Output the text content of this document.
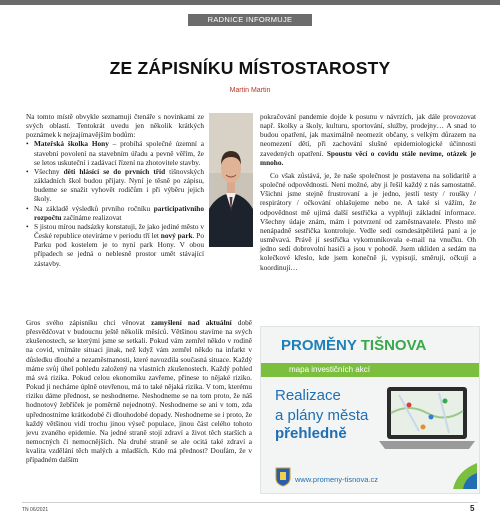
RADNICE INFORMUJE
ZE ZÁPISNÍKU MÍSTOSTAROSTY
Martin Martin

Na tomto místě obvykle seznamuji čtenáře s novinkami ze svých oblastí. Tentokrát uvedu jen několik krátkých poznámek k nejzajímavějším bodům:

• Mateřská školka Hony – probíhá společné územní a stavební povolení na stavebním úřadu a pevně věřím, že se letos uskuteční i zadávací řízení na zhotovitele stavby.
• Všechny děti hlásící se do prvních tříd tišnovských základních škol budou přijaty. Nyní je těsně po zápisu, budeme se snažit vyhovět rodičům i při výběru jejich školy.
• Na základě výsledků prvního ročníku participativního rozpočtu začínáme realizovat
• S jistou mírou nadsázky konstatuji, že jako jediné město v České republice otevíráme v periodu tří let nový park. Po Parku pod kostelem je to nyní park Hony. V obou případech se jedná o neblesně prostor umět stávající zástavby.

Gros svého zápisníku chci věnovat zamyšlení nad aktuální době přesvědčovat v budoucnu ještě několik měsíců. Většinou stavíme na svých zkušenostech, se kterými jsme se setkali. Pokud vám zemřel někdo v rodině na covid, vnímáte situaci jinak, než když vám zemřel někdo na infarkt v důsledku dlouhé a nezaměstnanosti, které navozdila současná situace. Každý máme svůj úhel pohledu založený na vlastních zkušenostech. Každý pohled má svá rizika. Pokud celou ekonomiku zavřeme, přinese to nějaké riziko. Pokud ji necháme úplně otevřenou, má to také nějaká rizika. V tom, kterému riziku dáme přednost, se neshodneme. Neshodneme se na tom proto, že náš hodnotový žebříček je poměrně nejednotný. Neshodneme se ani v tom, zda upřednostníme krátkodobé či dlouhodobé dopady. Neshodneme se i proto, že každý většinou vidí trochu jinou výseč populace, jinou část celého tohoto jevu zvaného epidemie. Na jedné straně stojí zdraví a život těch starších a nemocných či nemocnějších. Na druhé straně se ale ocitá také zdraví a kvalita vzdělání těch malých a mladších. Kdo má přednost? Doufám, že v případném dalším

pokračování pandemie dojde k posunu v návrzích, jak dále provozovat např. školky a školy, kulturu, sportování, služby, prodejny… A snad to budou opatření, jak maximálně neomezit občany, s velkým důrazem na neomezení dětí, při zachování slušné epidemiologické účinnosti zavedených opatření. Spoustu věcí o covidu stále nevíme, otázek je mnoho.

Co však zůstává, je, že naše společnost je postavena na solidaritě a společné odpovědnosti. Není možné, aby ji řešil každý z nás samostatně. Všichni jsme stejně frustrovaní a je jedno, jestli testy / roušky / respirátory / očkování ohlašujeme nebo ne. A také si vážím, že odpovědnost mě ujímá další sestřička a vyplňuji základní informace. Všechny údaje znám, mám i potvrzení od zaměstnavatele. Přesto mě nenápadně sestřička kontroluje. Vedle sedí osmdesátpětiletá paní a je usměvavá. Právě jí sestřička vykomunikovala e-mail na vnučku. Oh jedno sedí dobrovolní hasiči a jsou v pohodě. Jsem ukliden a sedám na kolečkové křeslo, kde jsem konečně ji, vypisují, směruji, očkují a koordinují…

PROMĚNY TIŠNOVA
mapa investičních akcí
Realizace
a plány města
přehledně
www.promeny-tisnova.cz
TN 06/2021	5
